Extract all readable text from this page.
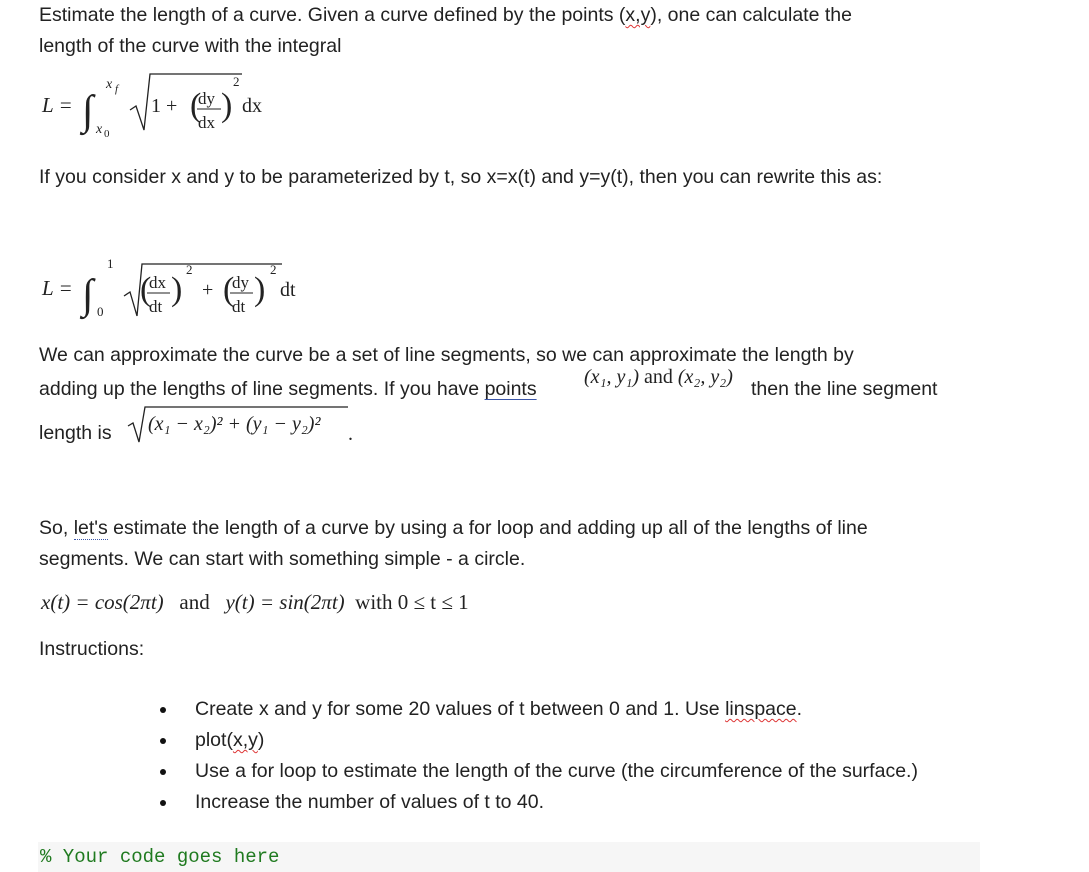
Estimate the length of a curve. Given a curve defined by the points (x,y), one can calculate the
length of the curve with the integral
L = ∫ x 0
x f
1 + (
dy
dx )
2
dx
If you consider x and y to be parameterized by t, so x=x(t) and y=y(t), then you can rewrite this as:
L = ∫ 0
1
(
dx
dt )
2
+ (
dy
dt )
2
dt
We can approximate the curve be a set of line segments, so we can approximate the length by
adding up the lengths of line segments. If you have points
(x₁, y₁) and (x₂, y₂)
then the line segment
length is (x₁ − x₂)² + (y₁ − y₂)² .
So, let's estimate the length of a curve by using a for loop and adding up all of the lengths of line
segments. We can start with something simple - a circle.
x(t) = cos(2πt) and y(t) = sin(2πt) with 0 ≤ t ≤ 1
Instructions:
Create x and y for some 20 values of t between 0 and 1. Use linspace.
plot(x,y)
Use a for loop to estimate the length of the curve (the circumference of the surface.)
Increase the number of values of t to 40.
% Your code goes here
